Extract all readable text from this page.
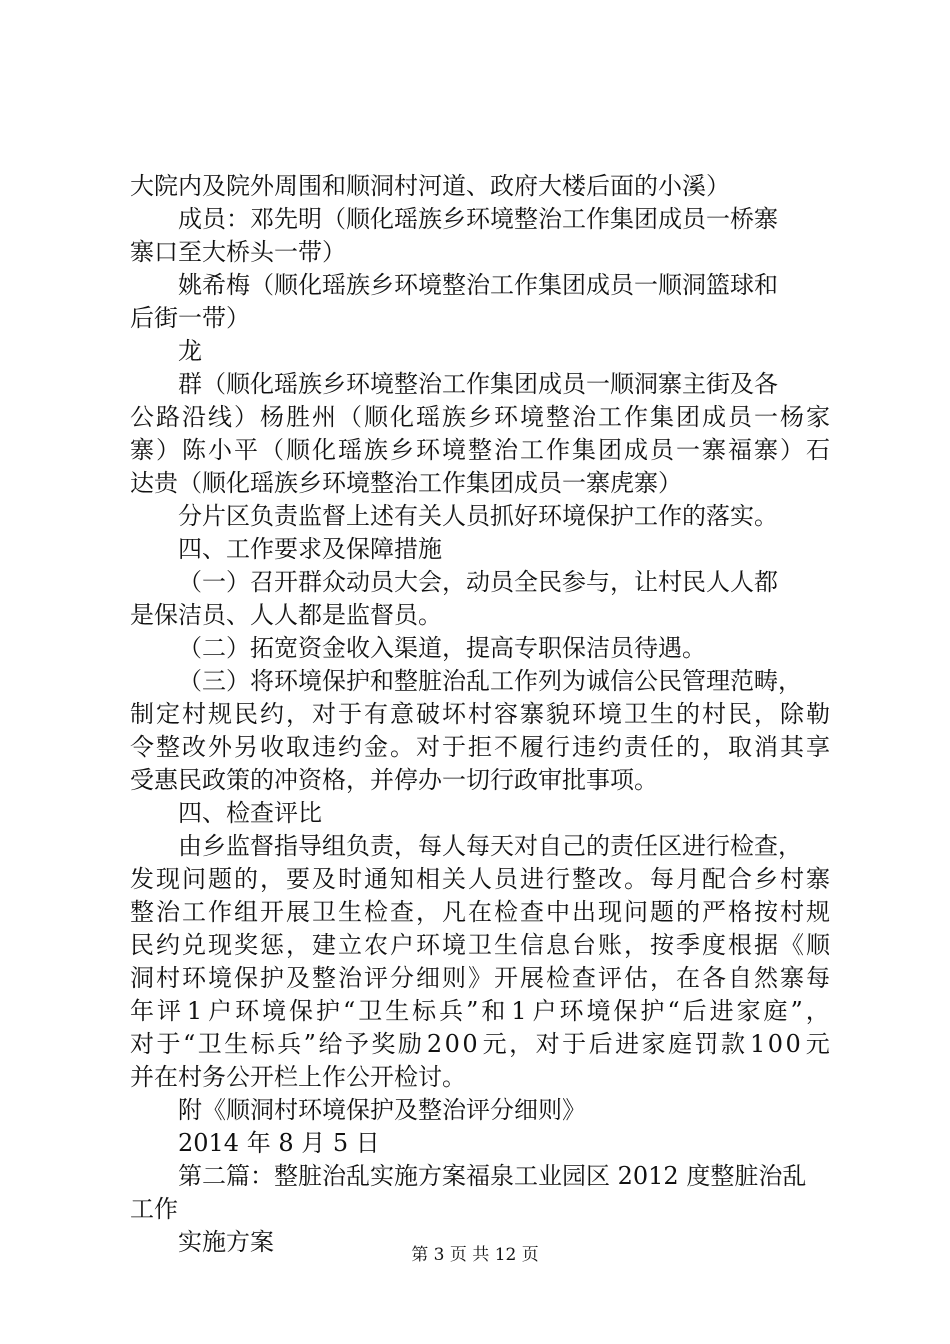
大院内及院外周围和顺洞村河道、政府大楼后面的小溪）
成员：邓先明（顺化瑶族乡环境整治工作集团成员一桥寨
寨口至大桥头一带）
姚希梅（顺化瑶族乡环境整治工作集团成员一顺洞篮球和
后街一带）
龙
群（顺化瑶族乡环境整治工作集团成员一顺洞寨主街及各
公 路 沿 线 ） 杨 胜 州 （ 顺 化 瑶 族 乡 环 境 整 治 工 作 集 团 成 员 一 杨 家
寨 ） 陈 小 平 （ 顺 化 瑶 族 乡 环 境 整 治 工 作 集 团 成 员 一 寨 福 寨 ） 石
达贵（顺化瑶族乡环境整治工作集团成员一寨虎寨）
分片区负责监督上述有关人员抓好环境保护工作的落实。
四、工作要求及保障措施
（一）召开群众动员大会，动员全民参与，让村民人人都
是保洁员、人人都是监督员。
（二）拓宽资金收入渠道，提高专职保洁员待遇。
（三）将环境保护和整脏治乱工作列为诚信公民管理范畴，
制 定 村 规 民 约 ， 对 于 有 意 破 坏 村 容 寨 貌 环 境 卫 生 的 村 民 ， 除 勒
令 整 改 外 另 收 取 违 约 金 。 对 于 拒 不 履 行 违 约 责 任 的 ， 取 消 其 享
受惠民政策的冲资格，并停办一切行政审批事项。
四、检查评比
由乡监督指导组负责，每人每天对自己的责任区进行检查，
发 现 问 题 的 ， 要 及 时 通 知 相 关 人 员 进 行 整 改 。 每 月 配 合 乡 村 寨
整 治 工 作 组 开 展 卫 生 检 查 ， 凡 在 检 查 中 出 现 问 题 的 严 格 按 村 规
民 约 兑 现 奖 惩 ， 建 立 农 户 环 境 卫 生 信 息 台 账 ， 按 季 度 根 据 《 顺
洞 村 环 境 保 护 及 整 治 评 分 细 则 》 开 展 检 查 评 估 ， 在 各 自 然 寨 每
年 评 1 户 环 境 保 护 “ 卫 生 标 兵 ” 和 1 户 环 境 保 护 “ 后 进 家 庭 ” ，
对 于 “ 卫 生 标 兵 ” 给 予 奖 励 2 0 0 元 ， 对 于 后 进 家 庭 罚 款 1 0 0 元
并在村务公开栏上作公开检讨。
附《顺洞村环境保护及整治评分细则》
2014 年 8 月 5 日
第二篇：整脏治乱实施方案福泉工业园区 2012 度整脏治乱
工作
实施方案	第 3 页 共 12 页
